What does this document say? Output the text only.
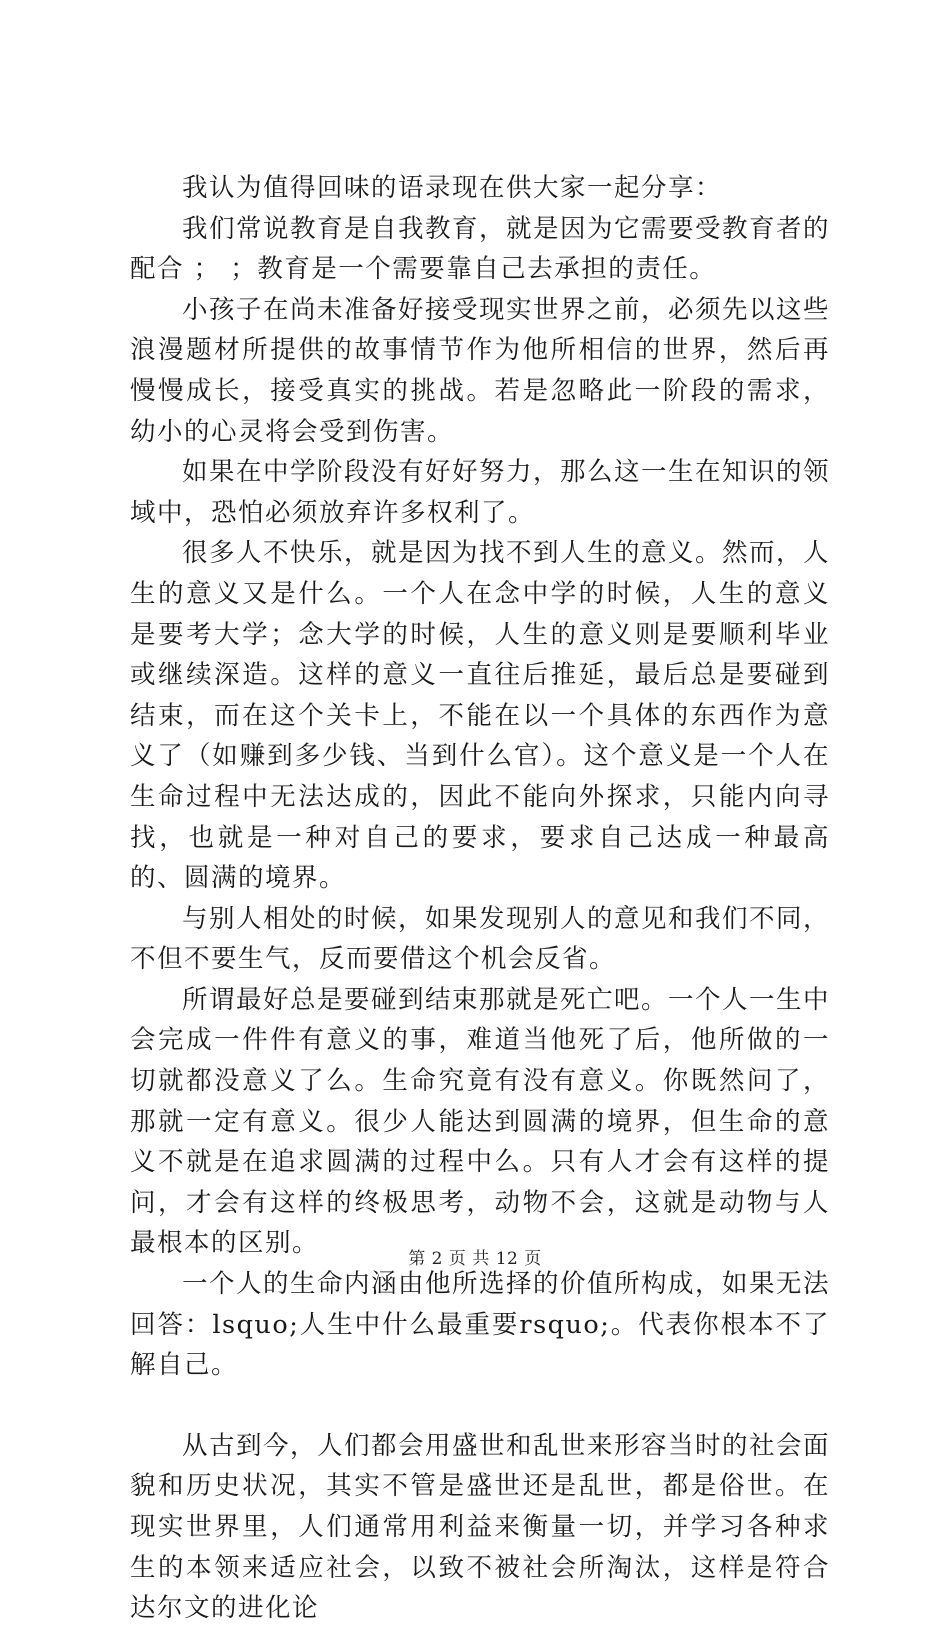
我认为值得回味的语录现在供大家一起分享：

我们常说教育是自我教育，就是因为它需要受教育者的配合 ； ；教育是一个需要靠自己去承担的责任。

小孩子在尚未准备好接受现实世界之前，必须先以这些浪漫题材所提供的故事情节作为他所相信的世界，然后再慢慢成长，接受真实的挑战。若是忽略此一阶段的需求，幼小的心灵将会受到伤害。

如果在中学阶段没有好好努力，那么这一生在知识的领域中，恐怕必须放弃许多权利了。

很多人不快乐，就是因为找不到人生的意义。然而，人生的意义又是什么。一个人在念中学的时候，人生的意义是要考大学；念大学的时候，人生的意义则是要顺利毕业或继续深造。这样的意义一直往后推延，最后总是要碰到结束，而在这个关卡上，不能在以一个具体的东西作为意义了（如赚到多少钱、当到什么官）。这个意义是一个人在生命过程中无法达成的，因此不能向外探求，只能内向寻找，也就是一种对自己的要求，要求自己达成一种最高的、圆满的境界。

与别人相处的时候，如果发现别人的意见和我们不同，不但不要生气，反而要借这个机会反省。

所谓最好总是要碰到结束那就是死亡吧。一个人一生中会完成一件件有意义的事，难道当他死了后，他所做的一切就都没意义了么。生命究竟有没有意义。你既然问了，那就一定有意义。很少人能达到圆满的境界，但生命的意义不就是在追求圆满的过程中么。只有人才会有这样的提问，才会有这样的终极思考，动物不会，这就是动物与人最根本的区别。

一个人的生命内涵由他所选择的价值所构成，如果无法回答：lsquo;人生中什么最重要rsquo;。代表你根本不了解自己。

从古到今，人们都会用盛世和乱世来形容当时的社会面貌和历史状况，其实不管是盛世还是乱世，都是俗世。在现实世界里，人们通常用利益来衡量一切，并学习各种求生的本领来适应社会，以致不被社会所淘汰，这样是符合达尔文的进化论

第 2 页 共 12 页
